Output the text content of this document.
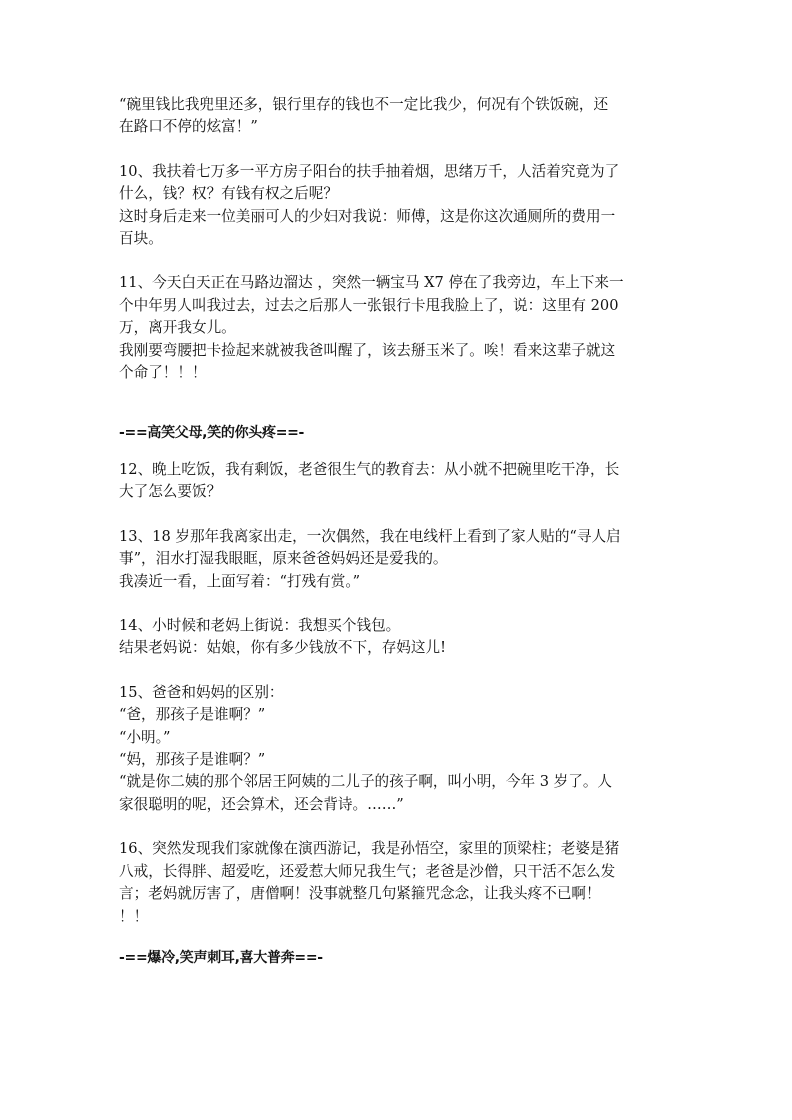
“碗里钱比我兜里还多，银行里存的钱也不一定比我少，何况有个铁饭碗，还
在路口不停的炫富！”
10、我扶着七万多一平方房子阳台的扶手抽着烟，思绪万千，人活着究竟为了
什么，钱？权？有钱有权之后呢？
这时身后走来一位美丽可人的少妇对我说：师傅，这是你这次通厕所的费用一
百块。
11、今天白天正在马路边溜达 ，突然一辆宝马 X7 停在了我旁边，车上下来一
个中年男人叫我过去，过去之后那人一张银行卡甩我脸上了，说：这里有 200
万，离开我女儿。
我刚要弯腰把卡捡起来就被我爸叫醒了，该去掰玉米了。唉！看来这辈子就这
个命了！！！
-==高笑父母,笑的你头疼==-
12、晚上吃饭，我有剩饭，老爸很生气的教育去：从小就不把碗里吃干净，长
大了怎么要饭？
13、18 岁那年我离家出走，一次偶然，我在电线杆上看到了家人贴的“寻人启
事”，泪水打湿我眼眶，原来爸爸妈妈还是爱我的。
我凑近一看，上面写着：“打残有赏。”
14、小时候和老妈上街说：我想买个钱包。
结果老妈说：姑娘，你有多少钱放不下，存妈这儿!
15、爸爸和妈妈的区别：
“爸，那孩子是谁啊？”
“小明。”
“妈，那孩子是谁啊？”
“就是你二姨的那个邻居王阿姨的二儿子的孩子啊，叫小明，今年 3 岁了。人
家很聪明的呢，还会算术，还会背诗。……”
16、突然发现我们家就像在演西游记，我是孙悟空，家里的顶梁柱；老婆是猪
八戒，长得胖、超爱吃，还爱惹大师兄我生气；老爸是沙僧，只干活不怎么发
言；老妈就厉害了，唐僧啊！没事就整几句紧箍咒念念，让我头疼不已啊！
！！
-==爆冷,笑声刺耳,喜大普奔==-
